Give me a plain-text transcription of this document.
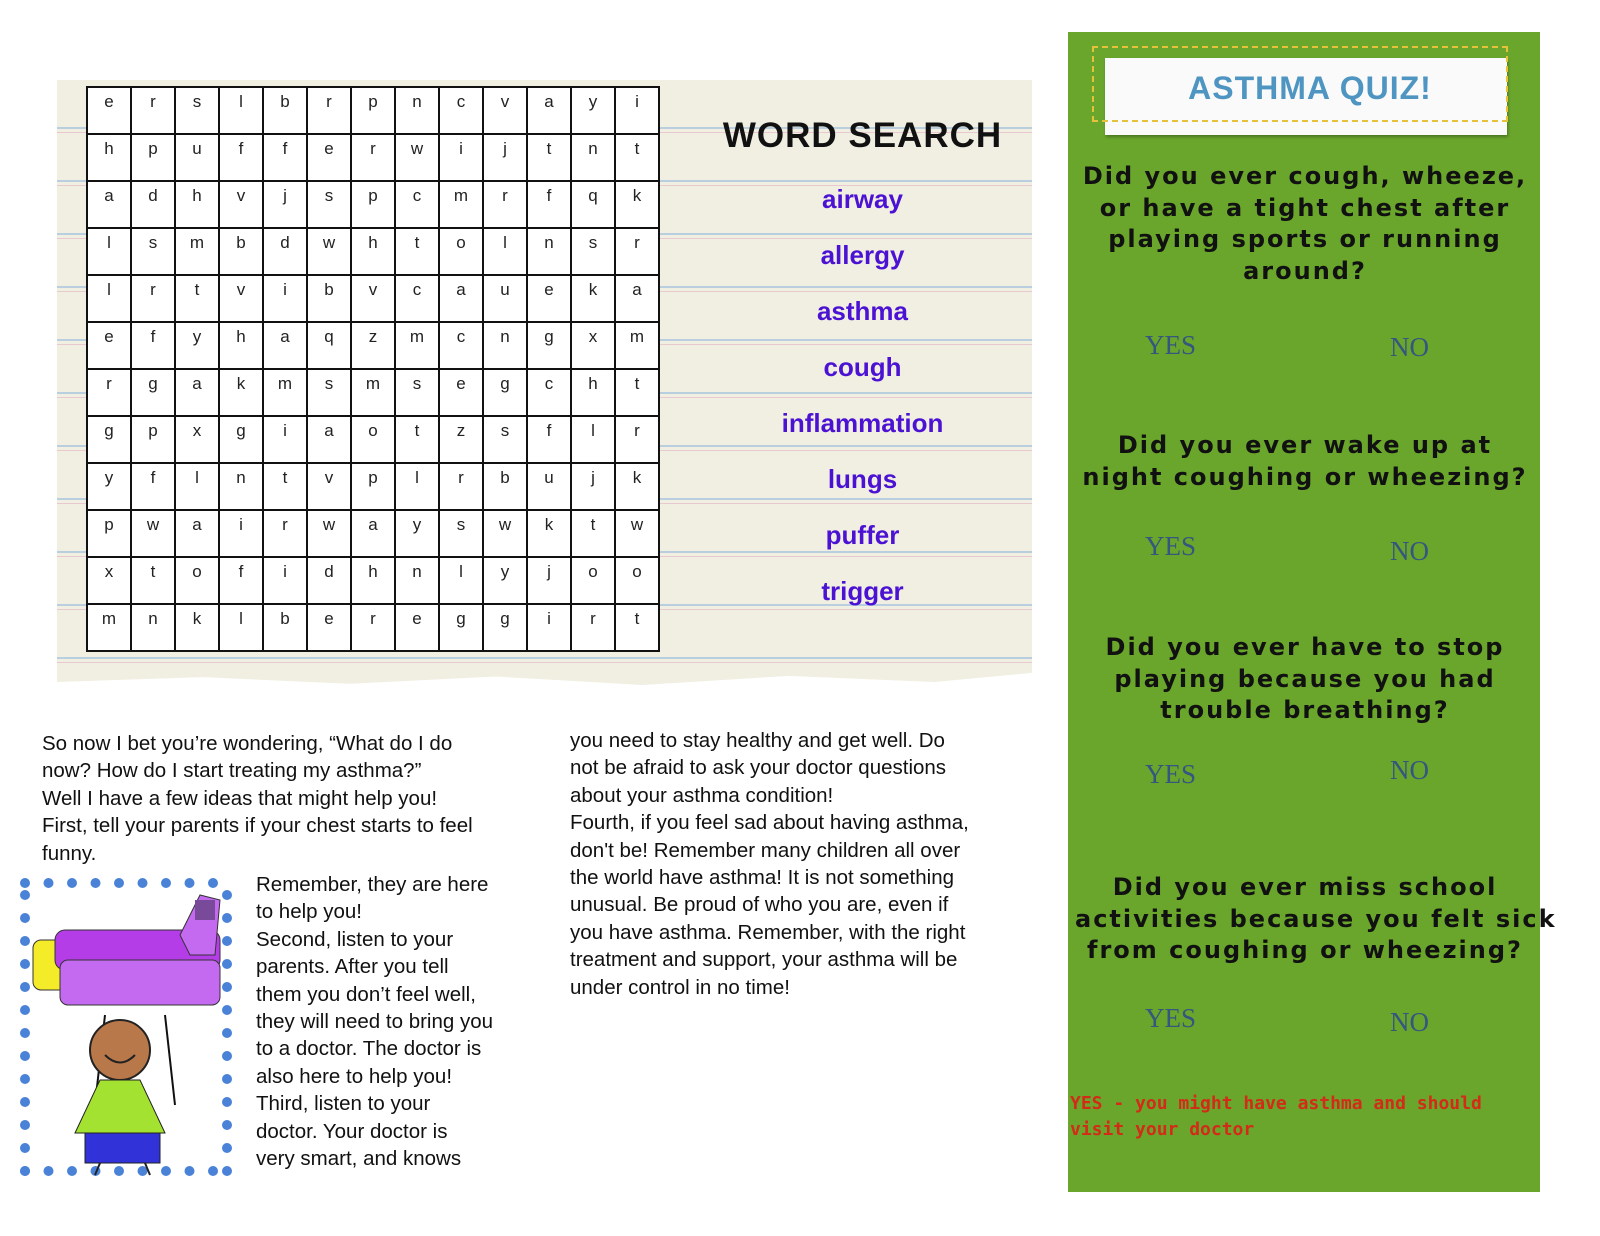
e	r	s	l	b	r	p	n	c	v	a	y	i
h	p	u	f	f	e	r	w	i	j	t	n	t
a	d	h	v	j	s	p	c	m	r	f	q	k
l	s	m	b	d	w	h	t	o	l	n	s	r
l	r	t	v	i	b	v	c	a	u	e	k	a
e	f	y	h	a	q	z	m	c	n	g	x	m
r	g	a	k	m	s	m	s	e	g	c	h	t
g	p	x	g	i	a	o	t	z	s	f	l	r
y	f	l	n	t	v	p	l	r	b	u	j	k
p	w	a	i	r	w	a	y	s	w	k	t	w
x	t	o	f	i	d	h	n	l	y	j	o	o
m	n	k	l	b	e	r	e	g	g	i	r	t
WORD SEARCH
airway
allergy
asthma
cough
inflammation
lungs
puffer
trigger
So now I bet you’re wondering, “What do I do
now? How do I start treating my asthma?”
Well I have a few ideas that might help you!
First, tell your parents if your chest starts to feel
funny.
Remember, they are here
to help you!
Second, listen to your
parents. After you tell
them you don’t feel well,
they will need to bring you
to a doctor. The doctor is
also here to help you!
Third, listen to your
doctor. Your doctor is
very smart, and knows
you need to stay healthy and get well. Do
not be afraid to ask your doctor questions
about your asthma condition!
Fourth, if you feel sad about having asthma,
don't be! Remember many children all over
the world have asthma! It is not something
unusual. Be proud of who you are, even if
you have asthma. Remember, with the right
treatment and support, your asthma will be
under control in no time!
ASTHMA QUIZ!
Did you ever cough, wheeze,
or have a tight chest after
playing sports or running
around?
YES	NO
Did you ever wake up at
night coughing or wheezing?
YES	NO
Did you ever have to stop
playing because you had
trouble breathing?
YES	NO
Did you ever miss school
activities because you felt sick
from coughing or wheezing?
YES	NO
YES - you might have asthma and should
visit your doctor
